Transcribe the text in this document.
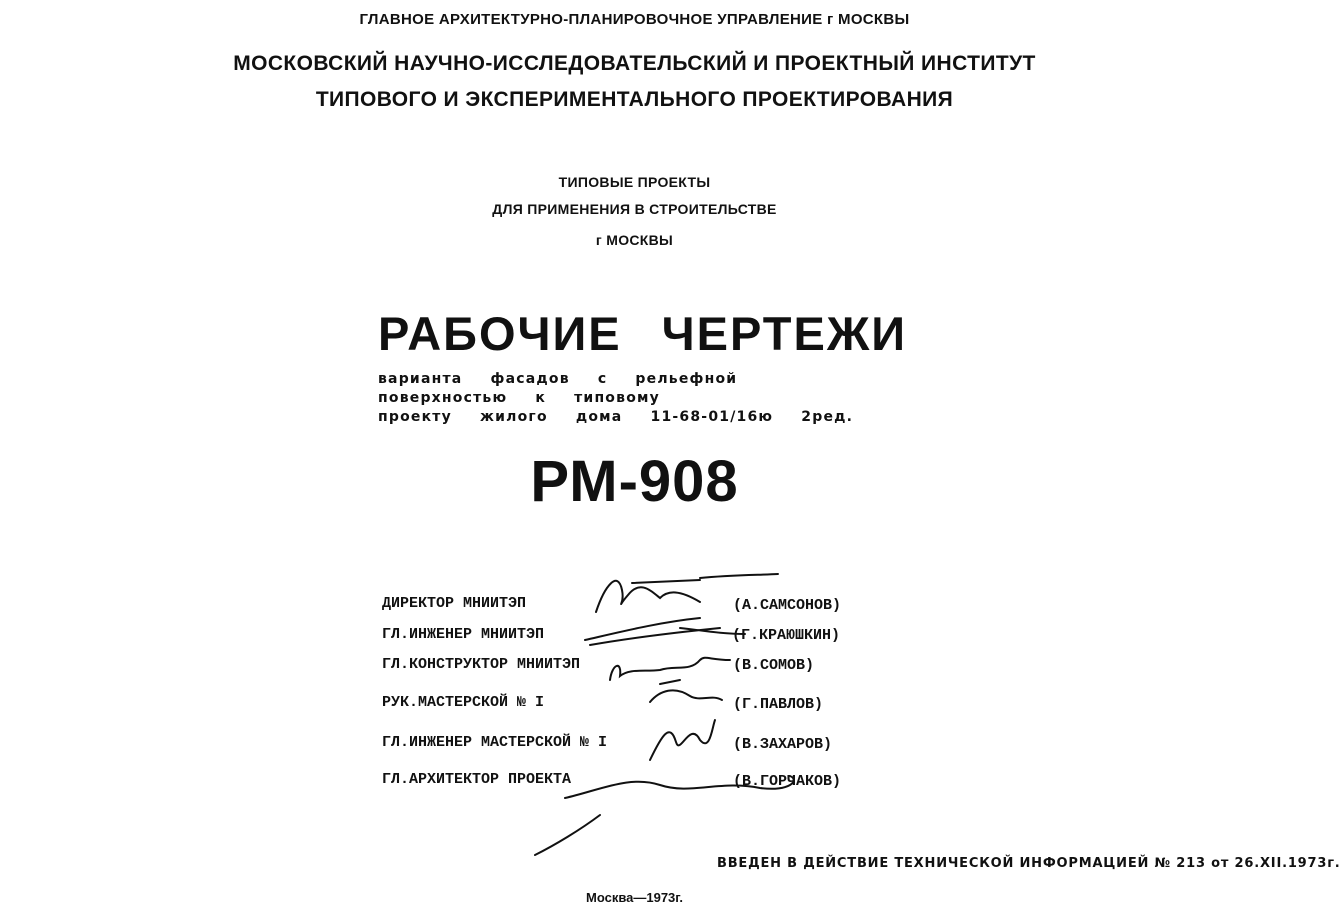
ГЛАВНОЕ АРХИТЕКТУРНО-ПЛАНИРОВОЧНОЕ УПРАВЛЕНИЕ г МОСКВЫ
МОСКОВСКИЙ НАУЧНО-ИССЛЕДОВАТЕЛЬСКИЙ И ПРОЕКТНЫЙ ИНСТИТУТ
ТИПОВОГО И ЭКСПЕРИМЕНТАЛЬНОГО ПРОЕКТИРОВАНИЯ
ТИПОВЫЕ ПРОЕКТЫ
ДЛЯ ПРИМЕНЕНИЯ В СТРОИТЕЛЬСТВЕ
г МОСКВЫ
РАБОЧИЕ ЧЕРТЕЖИ
варианта фасадов с рельефной
поверхностью к типовому
проекту жилого дома 11-68-01/16ю 2ред.
РМ-908
ДИРЕКТОР МНИИТЭП	(А.САМСОНОВ)
ГЛ.ИНЖЕНЕР МНИИТЭП	(Г.КРАЮШКИН)
ГЛ.КОНСТРУКТОР МНИИТЭП	(В.СОМОВ)
РУК.МАСТЕРСКОЙ № I	(Г.ПАВЛОВ)
ГЛ.ИНЖЕНЕР МАСТЕРСКОЙ № I	(В.ЗАХАРОВ)
ГЛ.АРХИТЕКТОР ПРОЕКТА	(В.ГОРЧАКОВ)
ВВЕДЕН В ДЕЙСТВИЕ ТЕХНИЧЕСКОЙ ИНФОРМАЦИЕЙ № 213 от 26.XII.1973г.
Москва—1973г.
